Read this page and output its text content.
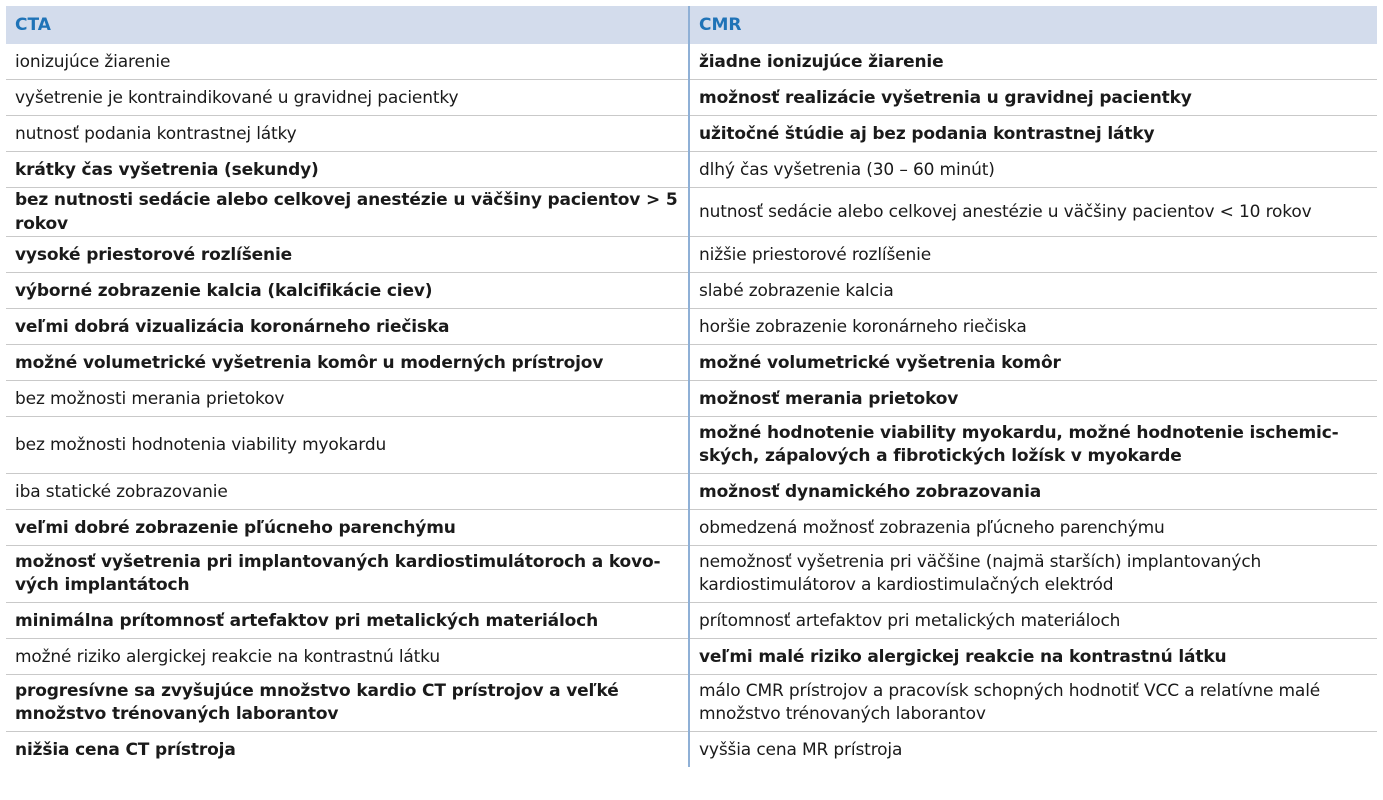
CTA	CMR
ionizujúce žiarenie	žiadne ionizujúce žiarenie
vyšetrenie je kontraindikované u gravidnej pacientky	možnosť realizácie vyšetrenia u gravidnej pacientky
nutnosť podania kontrastnej látky	užitočné štúdie aj bez podania kontrastnej látky
krátky čas vyšetrenia (sekundy)	dlhý čas vyšetrenia (30 – 60 minút)
bez nutnosti sedácie alebo celkovej anestézie u väčšiny pacientov > 5 rokov	nutnosť sedácie alebo celkovej anestézie u väčšiny pacientov < 10 rokov
vysoké priestorové rozlíšenie	nižšie priestorové rozlíšenie
výborné zobrazenie kalcia (kalcifikácie ciev)	slabé zobrazenie kalcia
veľmi dobrá vizualizácia koronárneho riečiska	horšie zobrazenie koronárneho riečiska
možné volumetrické vyšetrenia komôr u moderných prístrojov	možné volumetrické vyšetrenia komôr
bez možnosti merania prietokov	možnosť merania prietokov
bez možnosti hodnotenia viability myokardu	možné hodnotenie viability myokardu, možné hodnotenie ischemic-ských, zápalových a fibrotických ložísk v myokarde
iba statické zobrazovanie	možnosť dynamického zobrazovania
veľmi dobré zobrazenie pľúcneho parenchýmu	obmedzená možnosť zobrazenia pľúcneho parenchýmu
možnosť vyšetrenia pri implantovaných kardiostimulátoroch a kovo-vých implantátoch	nemožnosť vyšetrenia pri väčšine (najmä starších) implantovaných kardiostimulátorov a kardiostimulačných elektród
minimálna prítomnosť artefaktov pri metalických materiáloch	prítomnosť artefaktov pri metalických materiáloch
možné riziko alergickej reakcie na kontrastnú látku	veľmi malé riziko alergickej reakcie na kontrastnú látku
progresívne sa zvyšujúce množstvo kardio CT prístrojov a veľké množstvo trénovaných laborantov	málo CMR prístrojov a pracovísk schopných hodnotiť VCC a relatívne malé množstvo trénovaných laborantov
nižšia cena CT prístroja	vyššia cena MR prístroja
